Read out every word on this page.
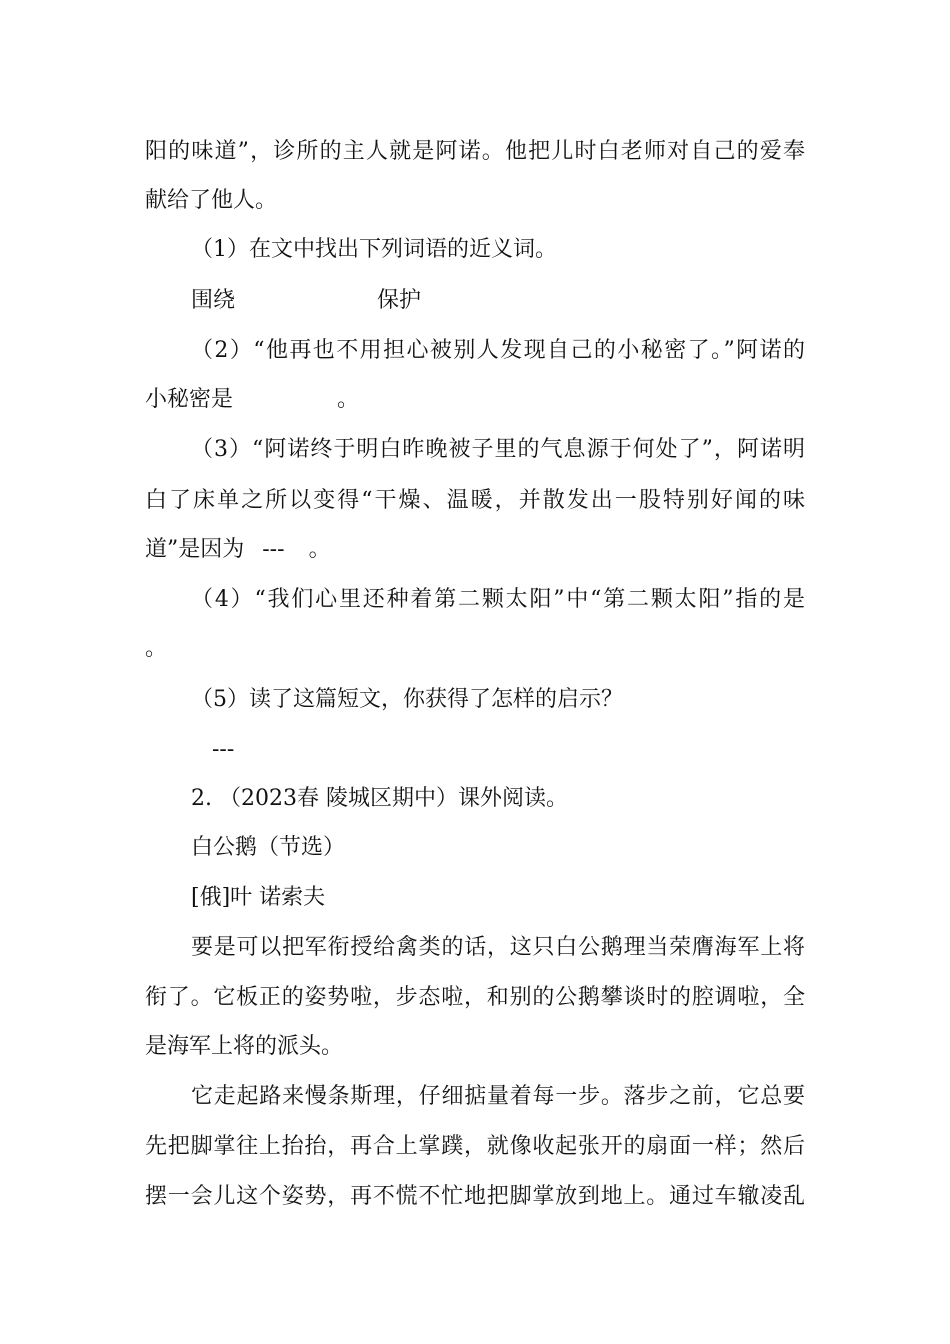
阳的味道”，诊所的主人就是阿诺。他把儿时白老师对自己的爱奉
献给了他人。
（1）在文中找出下列词语的近义词。
围绕	保护
（2）“他再也不用担心被别人发现自己的小秘密了。”阿诺的
小秘密是	。
（3）“阿诺终于明白昨晚被子里的气息源于何处了”，阿诺明
白了床单之所以变得“干燥、温暖，并散发出一股特别好闻的味
道”是因为 --- 。
（4）“我们心里还种着第二颗太阳”中“第二颗太阳”指的是
。
（5）读了这篇短文，你获得了怎样的启示？
---
2. （2023春 陵城区期中）课外阅读。
白公鹅（节选）
[俄]叶 诺索夫
要是可以把军衔授给禽类的话，这只白公鹅理当荣膺海军上将
衔了。它板正的姿势啦，步态啦，和别的公鹅攀谈时的腔调啦，全
是海军上将的派头。
它走起路来慢条斯理，仔细掂量着每一步。落步之前，它总要
先把脚掌往上抬抬，再合上掌蹼，就像收起张开的扇面一样；然后
摆一会儿这个姿势，再不慌不忙地把脚掌放到地上。通过车辙凌乱
